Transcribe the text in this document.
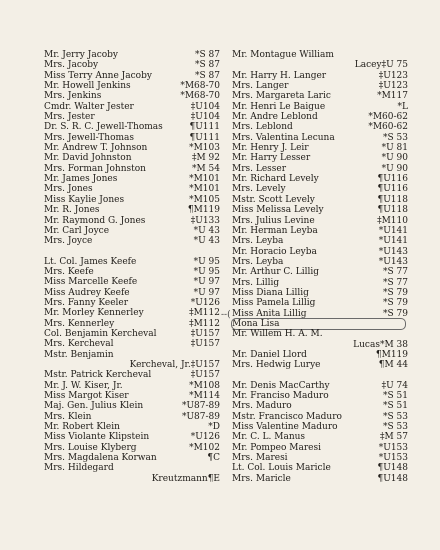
Mr. Jerry Jacoby	*S 87
Mrs. Jacoby	*S 87
Miss Terry Anne Jacoby	*S 87
Mr. Howell Jenkins	*M68-70
Mrs. Jenkins	*M68-70
Cmdr. Walter Jester	‡U104
Mrs. Jester	‡U104
Dr. S. R. C. Jewell-Thomas	¶U111
Mrs. Jewell-Thomas	¶U111
Mr. Andrew T. Johnson	*M103
Mr. David Johnston	‡M 92
Mrs. Forman Johnston	*M 54
Mr. James Jones	*M101
Mrs. Jones	*M101
Miss Kaylie Jones	*M105
Mr. R. Jones	¶M119
Mr. Raymond G. Jones	‡U133
Mr. Carl Joyce	*U 43
Mrs. Joyce	*U 43
Lt. Col. James Keefe	*U 95
Mrs. Keefe	*U 95
Miss Marcelle Keefe	*U 97
Miss Audrey Keefe	*U 97
Mrs. Fanny Keeler	*U126
Mr. Morley Kennerley	‡M112
Mrs. Kennerley	‡M112
Col. Benjamin Kercheval	‡U157
Mrs. Kercheval	‡U157
Mstr. Benjamin
Kercheval, Jr. ‡U157
Mstr. Patrick Kercheval	‡U157
Mr. J. W. Kiser, Jr.	*M108
Miss Margot Kiser	*M114
Maj. Gen. Julius Klein	*U87-89
Mrs. Klein	*U87-89
Mr. Robert Klein	*D
Miss Violante Klipstein	*U126
Mrs. Louise Klyberg	*M102
Mrs. Magdalena Korwan	¶C
Mrs. Hildegard
Kreutzmann ¶E
Mr. Montague William
Lacey ‡U 75
Mr. Harry H. Langer	‡U123
Mrs. Langer	‡U123
Mrs. Margareta Laric	*M117
Mr. Henri Le Baigue	*L
Mr. Andre Leblond	*M60-62
Mrs. Leblond	*M60-62
Mrs. Valentina Lecuna	*S 53
Mr. Henry J. Leir	*U 81
Mr. Harry Lesser	*U 90
Mrs. Lesser	*U 90
Mr. Richard Levely	¶U116
Mrs. Levely	¶U116
Mstr. Scott Levely	¶U118
Miss Melissa Levely	¶U118
Mrs. Julius Levine	‡M110
Mr. Herman Leyba	*U141
Mrs. Leyba	*U141
Mr. Horacio Leyba	*U143
Mrs. Leyba	*U143
Mr. Arthur C. Lillig	*S 77
Mrs. Lillig	*S 77
Miss Diana Lillig	*S 79
Miss Pamela Lillig	*S 79
Miss Anita Lillig	*S 79
Mona Lisa
Mr. Willem H. A. M.
Lucas *M 38
Mr. Daniel Llord	¶M119
Mrs. Hedwig Lurye	¶M 44
Mr. Denis MacCarthy	‡U 74
Mr. Franciso Maduro	*S 51
Mrs. Maduro	*S 51
Mstr. Francisco Maduro	*S 53
Miss Valentine Maduro	*S 53
Mr. C. L. Manus	‡M 57
Mr. Pompeo Maresi	*U153
Mrs. Maresi	*U153
Lt. Col. Louis Maricle	¶U148
Mrs. Maricle	¶U148
--(
